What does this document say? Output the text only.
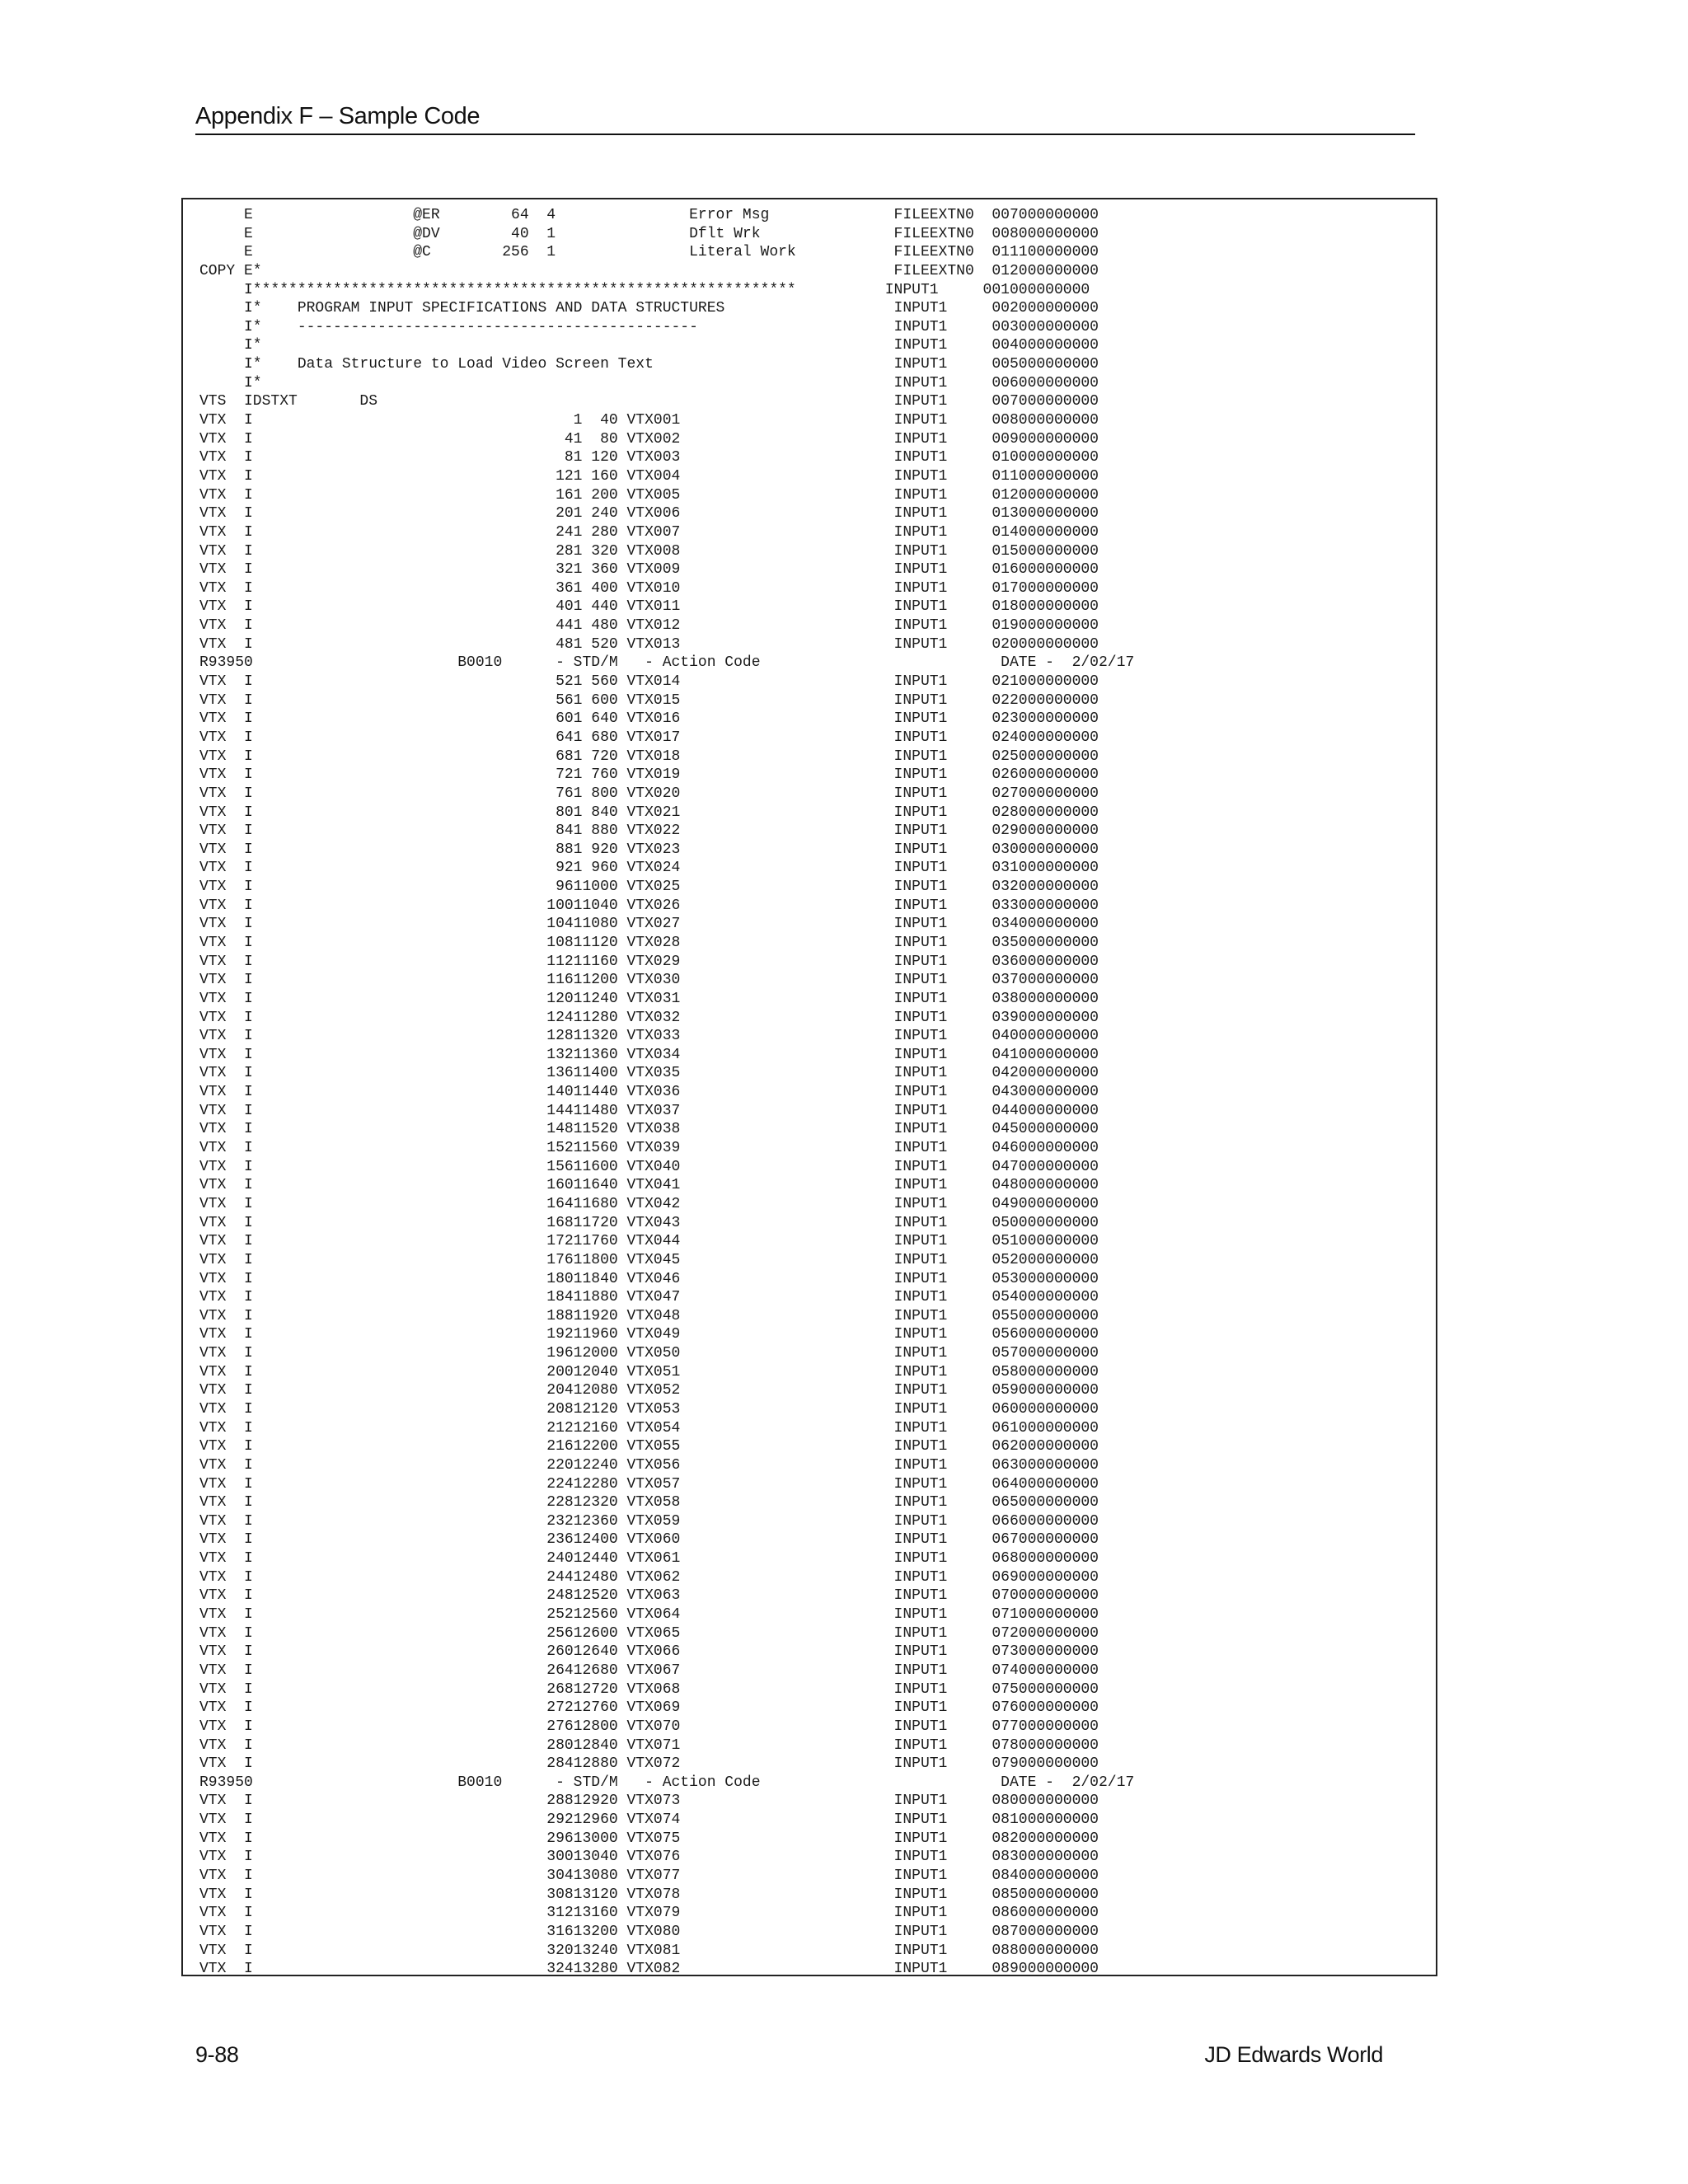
Appendix F – Sample Code
E                  @ER        64  4               Error Msg              FILEEXTN0  007000000000
E                  @DV        40  1               Dflt Wrk               FILEEXTN0  008000000000
E                  @C        256  1               Literal Work           FILEEXTN0  011100000000
COPY E*                                                                       FILEEXTN0  012000000000
I*************************************************************          INPUT1     001000000000
I*    PROGRAM INPUT SPECIFICATIONS AND DATA STRUCTURES                   INPUT1     002000000000
I*    ---------------------------------------------                      INPUT1     003000000000
I*                                                                       INPUT1     004000000000
I*    Data Structure to Load Video Screen Text                           INPUT1     005000000000
I*                                                                       INPUT1     006000000000
VTS  IDSTXT       DS                                                          INPUT1     007000000000
VTX  I                                    1  40 VTX001                        INPUT1     008000000000
VTX  I                                   41  80 VTX002                        INPUT1     009000000000
VTX  I                                   81 120 VTX003                        INPUT1     010000000000
VTX  I                                  121 160 VTX004                        INPUT1     011000000000
VTX  I                                  161 200 VTX005                        INPUT1     012000000000
VTX  I                                  201 240 VTX006                        INPUT1     013000000000
VTX  I                                  241 280 VTX007                        INPUT1     014000000000
VTX  I                                  281 320 VTX008                        INPUT1     015000000000
VTX  I                                  321 360 VTX009                        INPUT1     016000000000
VTX  I                                  361 400 VTX010                        INPUT1     017000000000
VTX  I                                  401 440 VTX011                        INPUT1     018000000000
VTX  I                                  441 480 VTX012                        INPUT1     019000000000
VTX  I                                  481 520 VTX013                        INPUT1     020000000000
R93950                       B0010      - STD/M   - Action Code                           DATE -  2/02/17
VTX  I                                  521 560 VTX014                        INPUT1     021000000000
VTX  I                                  561 600 VTX015                        INPUT1     022000000000
VTX  I                                  601 640 VTX016                        INPUT1     023000000000
VTX  I                                  641 680 VTX017                        INPUT1     024000000000
VTX  I                                  681 720 VTX018                        INPUT1     025000000000
VTX  I                                  721 760 VTX019                        INPUT1     026000000000
VTX  I                                  761 800 VTX020                        INPUT1     027000000000
VTX  I                                  801 840 VTX021                        INPUT1     028000000000
VTX  I                                  841 880 VTX022                        INPUT1     029000000000
VTX  I                                  881 920 VTX023                        INPUT1     030000000000
VTX  I                                  921 960 VTX024                        INPUT1     031000000000
VTX  I                                  9611000 VTX025                        INPUT1     032000000000
VTX  I                                 10011040 VTX026                        INPUT1     033000000000
VTX  I                                 10411080 VTX027                        INPUT1     034000000000
VTX  I                                 10811120 VTX028                        INPUT1     035000000000
VTX  I                                 11211160 VTX029                        INPUT1     036000000000
VTX  I                                 11611200 VTX030                        INPUT1     037000000000
VTX  I                                 12011240 VTX031                        INPUT1     038000000000
VTX  I                                 12411280 VTX032                        INPUT1     039000000000
VTX  I                                 12811320 VTX033                        INPUT1     040000000000
VTX  I                                 13211360 VTX034                        INPUT1     041000000000
VTX  I                                 13611400 VTX035                        INPUT1     042000000000
VTX  I                                 14011440 VTX036                        INPUT1     043000000000
VTX  I                                 14411480 VTX037                        INPUT1     044000000000
VTX  I                                 14811520 VTX038                        INPUT1     045000000000
VTX  I                                 15211560 VTX039                        INPUT1     046000000000
VTX  I                                 15611600 VTX040                        INPUT1     047000000000
VTX  I                                 16011640 VTX041                        INPUT1     048000000000
VTX  I                                 16411680 VTX042                        INPUT1     049000000000
VTX  I                                 16811720 VTX043                        INPUT1     050000000000
VTX  I                                 17211760 VTX044                        INPUT1     051000000000
VTX  I                                 17611800 VTX045                        INPUT1     052000000000
VTX  I                                 18011840 VTX046                        INPUT1     053000000000
VTX  I                                 18411880 VTX047                        INPUT1     054000000000
VTX  I                                 18811920 VTX048                        INPUT1     055000000000
VTX  I                                 19211960 VTX049                        INPUT1     056000000000
VTX  I                                 19612000 VTX050                        INPUT1     057000000000
VTX  I                                 20012040 VTX051                        INPUT1     058000000000
VTX  I                                 20412080 VTX052                        INPUT1     059000000000
VTX  I                                 20812120 VTX053                        INPUT1     060000000000
VTX  I                                 21212160 VTX054                        INPUT1     061000000000
VTX  I                                 21612200 VTX055                        INPUT1     062000000000
VTX  I                                 22012240 VTX056                        INPUT1     063000000000
VTX  I                                 22412280 VTX057                        INPUT1     064000000000
VTX  I                                 22812320 VTX058                        INPUT1     065000000000
VTX  I                                 23212360 VTX059                        INPUT1     066000000000
VTX  I                                 23612400 VTX060                        INPUT1     067000000000
VTX  I                                 24012440 VTX061                        INPUT1     068000000000
VTX  I                                 24412480 VTX062                        INPUT1     069000000000
VTX  I                                 24812520 VTX063                        INPUT1     070000000000
VTX  I                                 25212560 VTX064                        INPUT1     071000000000
VTX  I                                 25612600 VTX065                        INPUT1     072000000000
VTX  I                                 26012640 VTX066                        INPUT1     073000000000
VTX  I                                 26412680 VTX067                        INPUT1     074000000000
VTX  I                                 26812720 VTX068                        INPUT1     075000000000
VTX  I                                 27212760 VTX069                        INPUT1     076000000000
VTX  I                                 27612800 VTX070                        INPUT1     077000000000
VTX  I                                 28012840 VTX071                        INPUT1     078000000000
VTX  I                                 28412880 VTX072                        INPUT1     079000000000
R93950                       B0010      - STD/M   - Action Code                           DATE -  2/02/17
VTX  I                                 28812920 VTX073                        INPUT1     080000000000
VTX  I                                 29212960 VTX074                        INPUT1     081000000000
VTX  I                                 29613000 VTX075                        INPUT1     082000000000
VTX  I                                 30013040 VTX076                        INPUT1     083000000000
VTX  I                                 30413080 VTX077                        INPUT1     084000000000
VTX  I                                 30813120 VTX078                        INPUT1     085000000000
VTX  I                                 31213160 VTX079                        INPUT1     086000000000
VTX  I                                 31613200 VTX080                        INPUT1     087000000000
VTX  I                                 32013240 VTX081                        INPUT1     088000000000
VTX  I                                 32413280 VTX082                        INPUT1     089000000000
9-88	JD Edwards World
